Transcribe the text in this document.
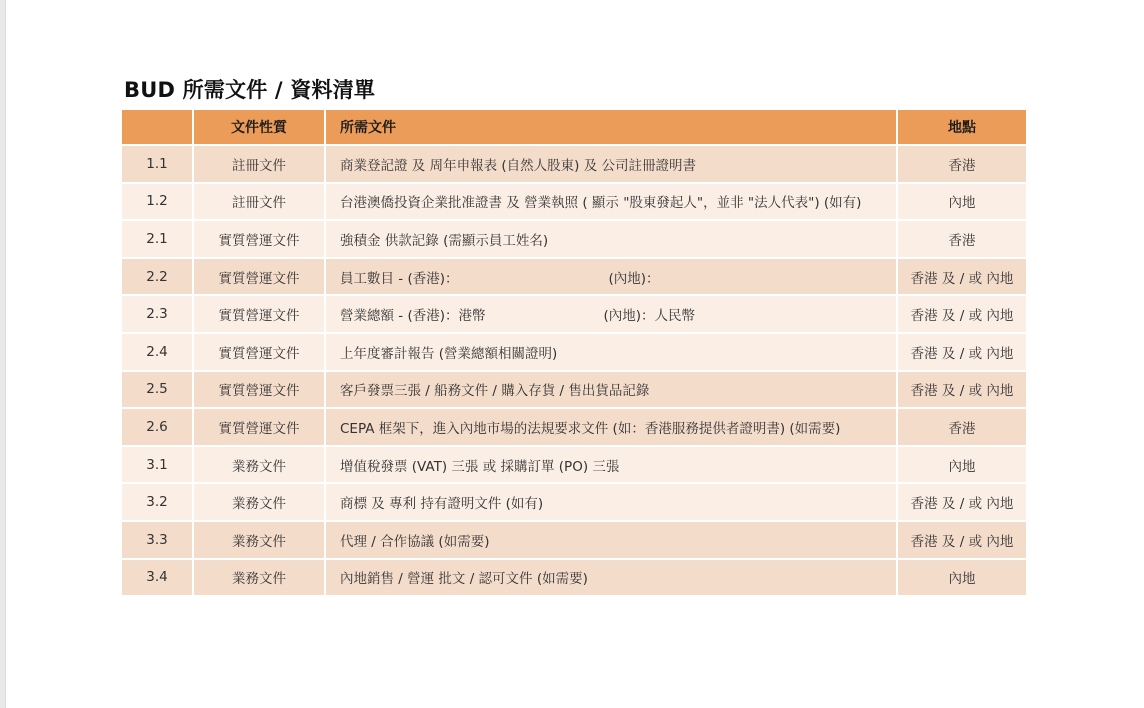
BUD 所需文件 / 資料清單
	文件性質	所需文件	地點
1.1	註冊文件	商業登記證 及 周年申報表 (自然人股東) 及 公司註冊證明書	香港
1.2	註冊文件	台港澳僑投資企業批准證書 及 營業執照 ( 顯示 "股東發起人"，並非 "法人代表") (如有)	內地
2.1	實質營運文件	強積金 供款記錄 (需顯示員工姓名)	香港
2.2	實質營運文件	員工數目 - (香港)： (內地)：	香港 及 / 或 內地
2.3	實質營運文件	營業總額 - (香港)：港幣 (內地)：人民幣	香港 及 / 或 內地
2.4	實質營運文件	上年度審計報告 (營業總額相關證明)	香港 及 / 或 內地
2.5	實質營運文件	客戶發票三張 / 船務文件 / 購入存貨 / 售出貨品記錄	香港 及 / 或 內地
2.6	實質營運文件	CEPA 框架下，進入內地市場的法規要求文件 (如：香港服務提供者證明書) (如需要)	香港
3.1	業務文件	增值稅發票 (VAT) 三張 或 採購訂單 (PO) 三張	內地
3.2	業務文件	商標 及 專利 持有證明文件 (如有)	香港 及 / 或 內地
3.3	業務文件	代理 / 合作協議 (如需要)	香港 及 / 或 內地
3.4	業務文件	內地銷售 / 營運 批文 / 認可文件 (如需要)	內地
